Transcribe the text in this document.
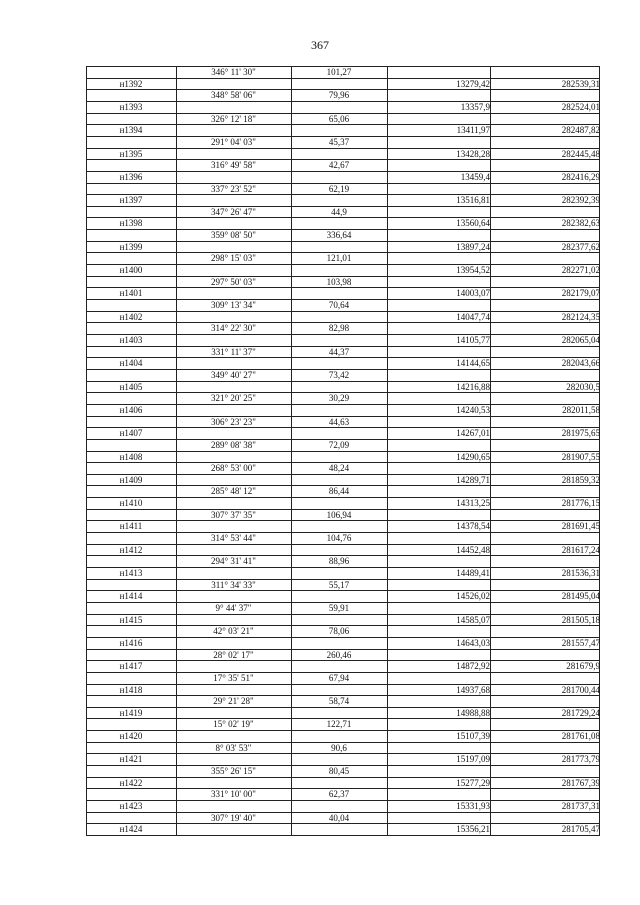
367
346° 11' 30"	101,27
н1392	13279,42	282539,31
348° 58' 06"	79,96
н1393	13357,9	282524,01
326° 12' 18"	65,06
н1394	13411,97	282487,82
291° 04' 03"	45,37
н1395	13428,28	282445,48
316° 49' 58"	42,67
н1396	13459,4	282416,29
337° 23' 52"	62,19
н1397	13516,81	282392,39
347° 26' 47"	44,9
н1398	13560,64	282382,63
359° 08' 50"	336,64
н1399	13897,24	282377,62
298° 15' 03"	121,01
н1400	13954,52	282271,02
297° 50' 03"	103,98
н1401	14003,07	282179,07
309° 13' 34"	70,64
н1402	14047,74	282124,35
314° 22' 30"	82,98
н1403	14105,77	282065,04
331° 11' 37"	44,37
н1404	14144,65	282043,66
349° 40' 27"	73,42
н1405	14216,88	282030,5
321° 20' 25"	30,29
н1406	14240,53	282011,58
306° 23' 23"	44,63
н1407	14267,01	281975,65
289° 08' 38"	72,09
н1408	14290,65	281907,55
268° 53' 00"	48,24
н1409	14289,71	281859,32
285° 48' 12"	86,44
н1410	14313,25	281776,15
307° 37' 35"	106,94
н1411	14378,54	281691,45
314° 53' 44"	104,76
н1412	14452,48	281617,24
294° 31' 41"	88,96
н1413	14489,41	281536,31
311° 34' 33"	55,17
н1414	14526,02	281495,04
9° 44' 37"	59,91
н1415	14585,07	281505,18
42° 03' 21"	78,06
н1416	14643,03	281557,47
28° 02' 17"	260,46
н1417	14872,92	281679,9
17° 35' 51"	67,94
н1418	14937,68	281700,44
29° 21' 28"	58,74
н1419	14988,88	281729,24
15° 02' 19"	122,71
н1420	15107,39	281761,08
8° 03' 53"	90,6
н1421	15197,09	281773,79
355° 26' 15"	80,45
н1422	15277,29	281767,39
331° 10' 00"	62,37
н1423	15331,93	281737,31
307° 19' 40"	40,04
н1424	15356,21	281705,47
